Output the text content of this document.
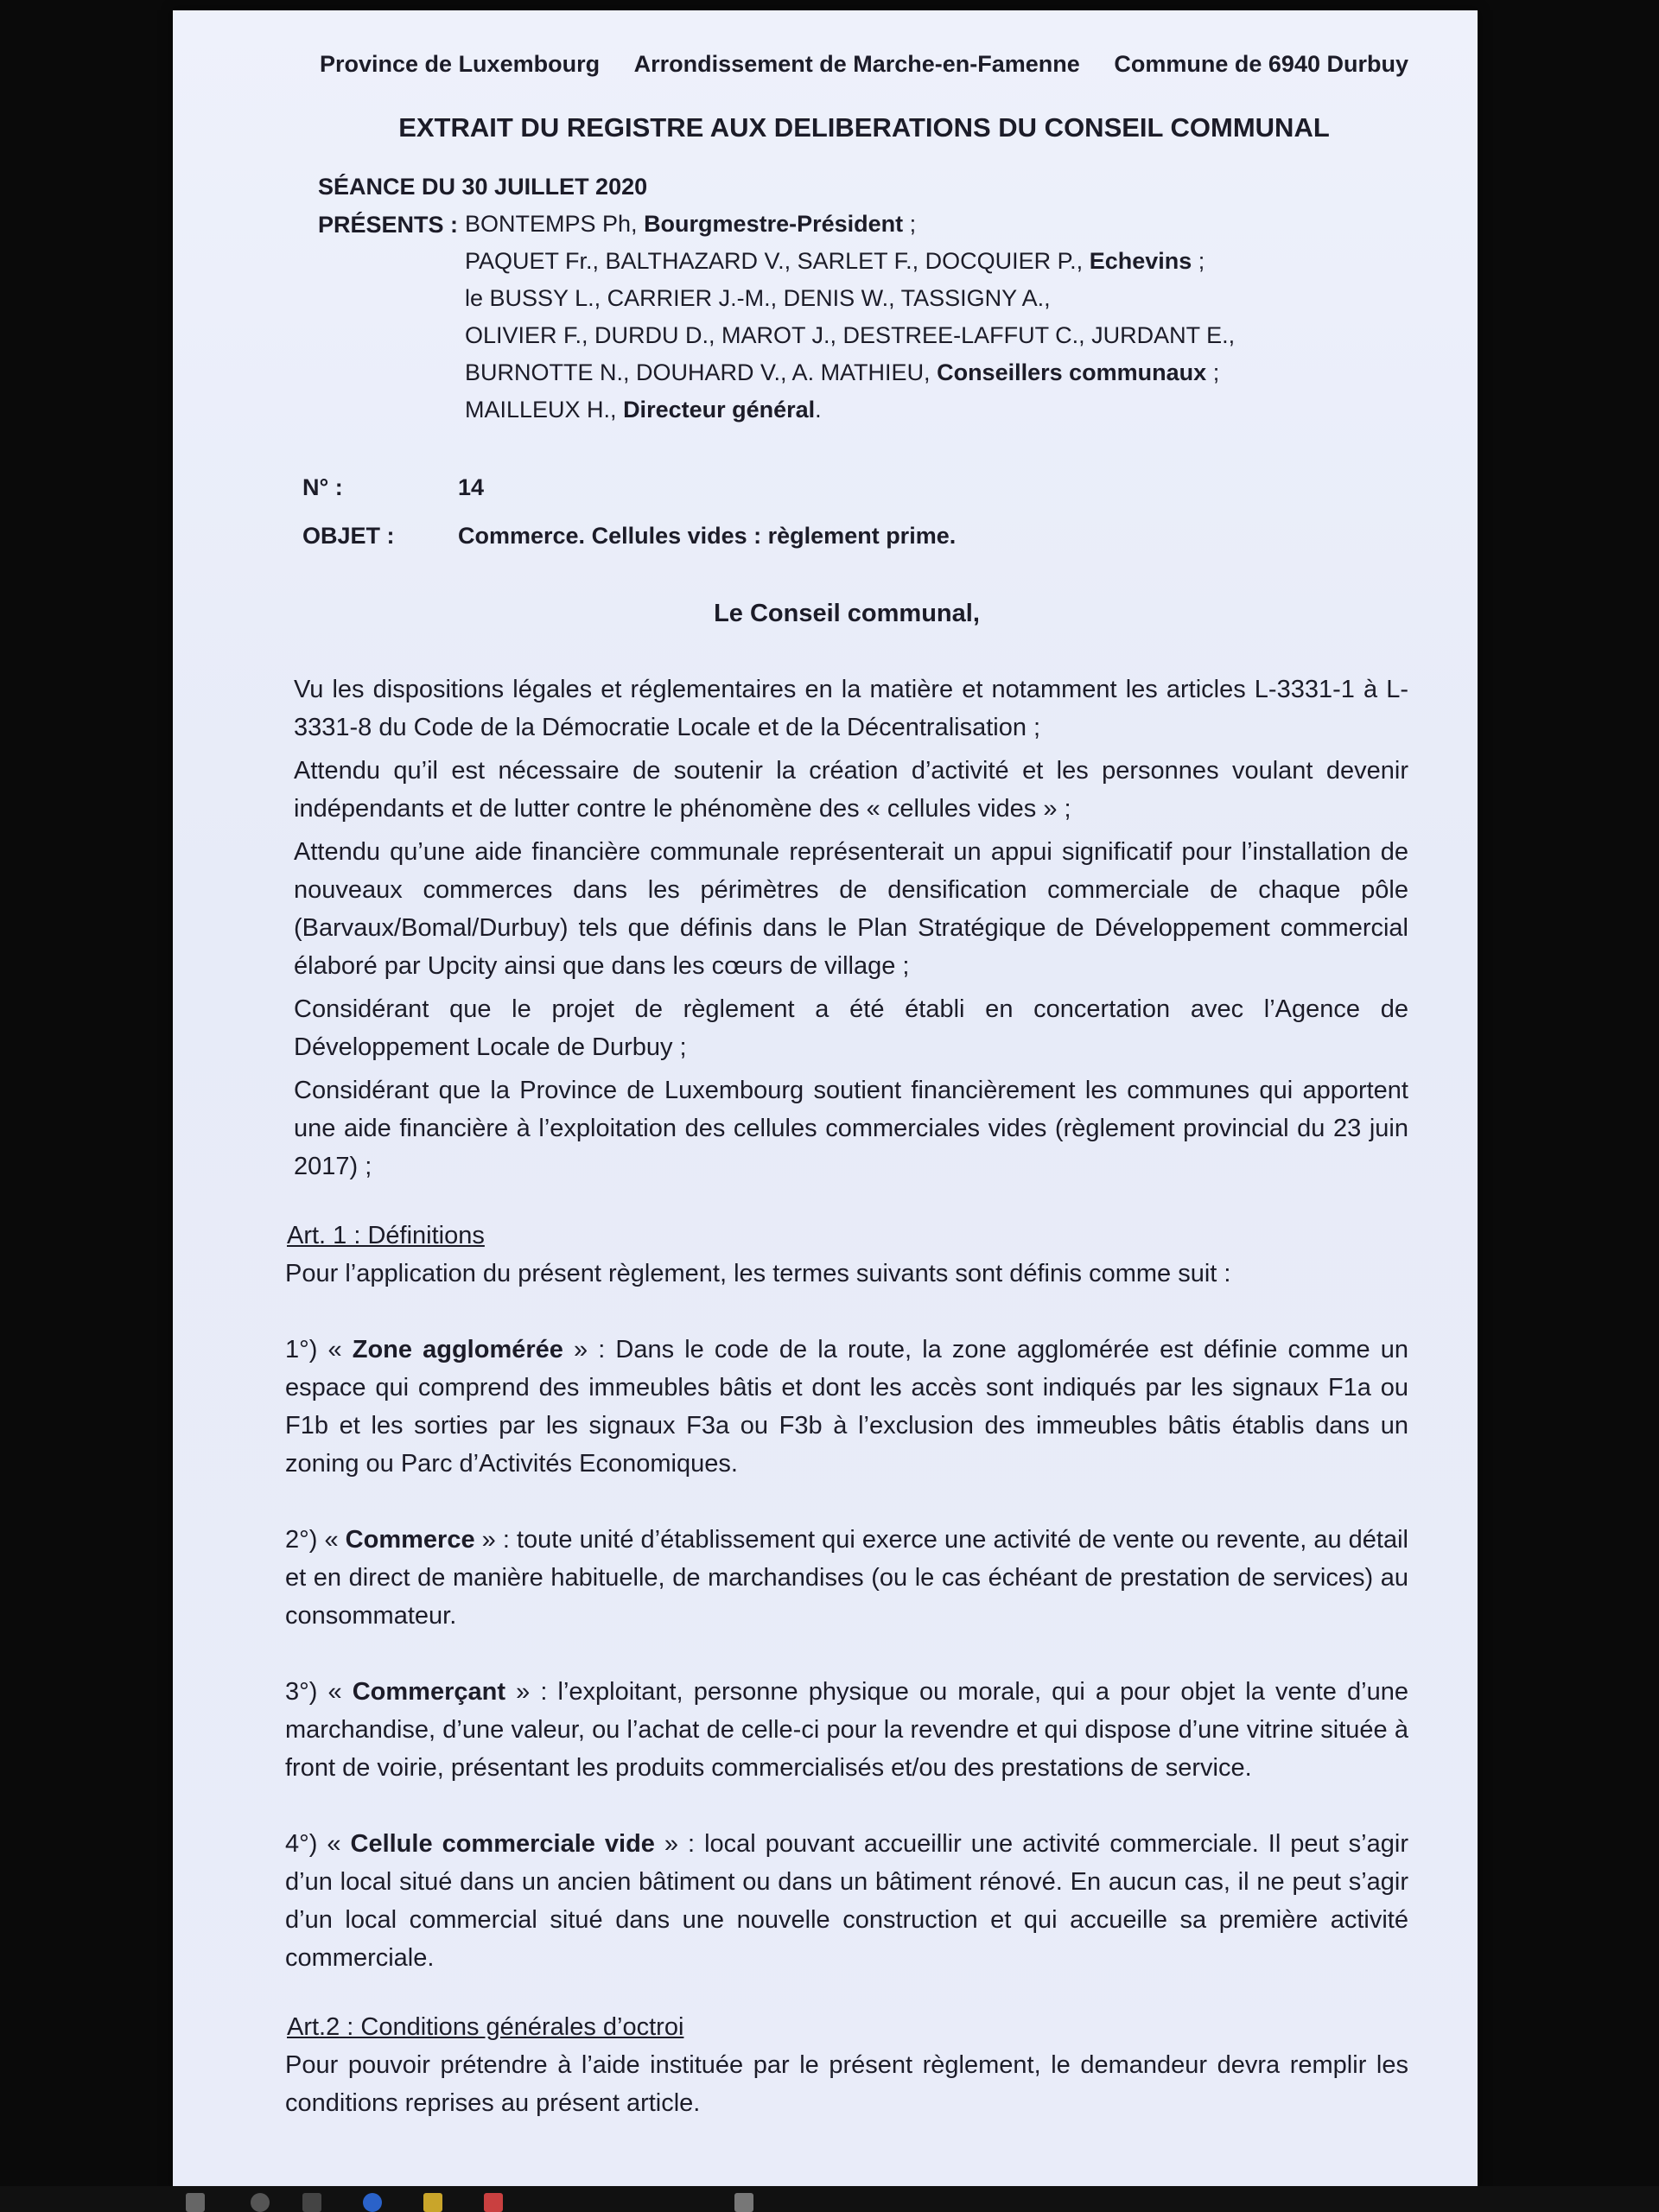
Province de Luxembourg Arrondissement de Marche-en-Famenne Commune de 6940 Durbuy
EXTRAIT DU REGISTRE AUX DELIBERATIONS DU CONSEIL COMMUNAL
SÉANCE DU 30 JUILLET 2020
PRÉSENTS : BONTEMPS Ph, Bourgmestre-Président ;
PAQUET Fr., BALTHAZARD V., SARLET F., DOCQUIER P., Echevins ;
le BUSSY L., CARRIER J.-M., DENIS W., TASSIGNY A.,
OLIVIER F., DURDU D., MAROT J., DESTREE-LAFFUT C., JURDANT E.,
BURNOTTE N., DOUHARD V., A. MATHIEU, Conseillers communaux ;
MAILLEUX H., Directeur général.
N° :	14
OBJET :	Commerce. Cellules vides : règlement prime.
Le Conseil communal,
Vu les dispositions légales et réglementaires en la matière et notamment les articles L-3331-1 à L-3331-8 du Code de la Démocratie Locale et de la Décentralisation ;
Attendu qu’il est nécessaire de soutenir la création d’activité et les personnes voulant devenir indépendants et de lutter contre le phénomène des « cellules vides » ;
Attendu qu’une aide financière communale représenterait un appui significatif pour l’installation de nouveaux commerces dans les périmètres de densification commerciale de chaque pôle (Barvaux/Bomal/Durbuy) tels que définis dans le Plan Stratégique de Développement commercial élaboré par Upcity ainsi que dans les cœurs de village ;
Considérant que le projet de règlement a été établi en concertation avec l’Agence de Développement Locale de Durbuy ;
Considérant que la Province de Luxembourg soutient financièrement les communes qui apportent une aide financière à l’exploitation des cellules commerciales vides (règlement provincial du 23 juin 2017) ;
Art. 1 : Définitions
Pour l’application du présent règlement, les termes suivants sont définis comme suit :
1°) « Zone agglomérée » : Dans le code de la route, la zone agglomérée est définie comme un espace qui comprend des immeubles bâtis et dont les accès sont indiqués par les signaux F1a ou F1b et les sorties par les signaux F3a ou F3b à l’exclusion des immeubles bâtis établis dans un zoning ou Parc d’Activités Economiques.
2°) « Commerce » : toute unité d’établissement qui exerce une activité de vente ou revente, au détail et en direct de manière habituelle, de marchandises (ou le cas échéant de prestation de services) au consommateur.
3°) « Commerçant » : l’exploitant, personne physique ou morale, qui a pour objet la vente d’une marchandise, d’une valeur, ou l’achat de celle-ci pour la revendre et qui dispose d’une vitrine située à front de voirie, présentant les produits commercialisés et/ou des prestations de service.
4°) « Cellule commerciale vide » : local pouvant accueillir une activité commerciale. Il peut s’agir d’un local situé dans un ancien bâtiment ou dans un bâtiment rénové. En aucun cas, il ne peut s’agir d’un local commercial situé dans une nouvelle construction et qui accueille sa première activité commerciale.
Art.2 : Conditions générales d’octroi
Pour pouvoir prétendre à l’aide instituée par le présent règlement, le demandeur devra remplir les conditions reprises au présent article.
